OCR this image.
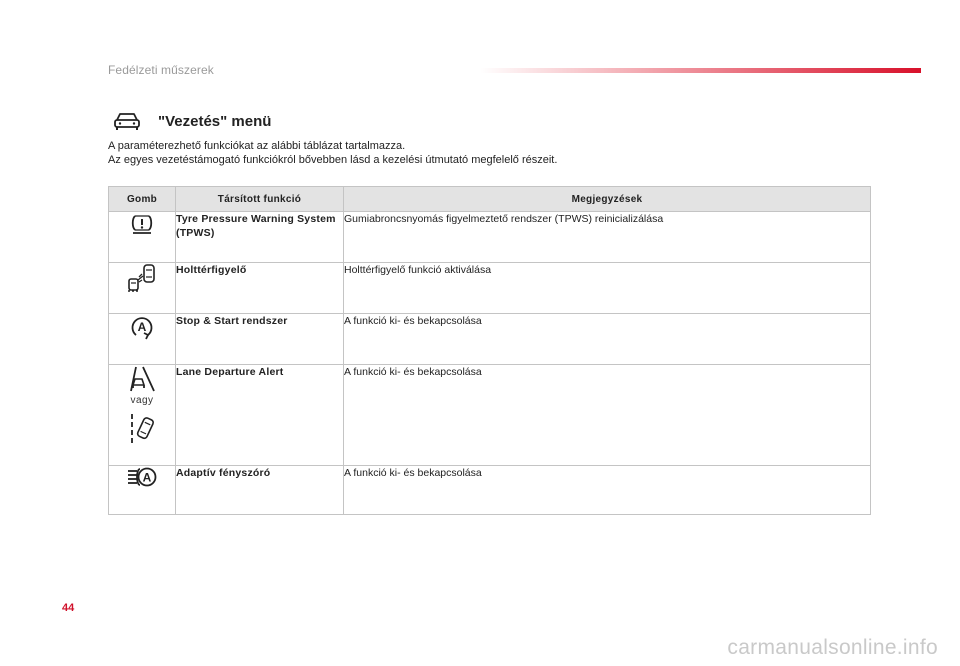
Fedélzeti műszerek
"Vezetés" menü
A paraméterezhető funkciókat az alábbi táblázat tartalmazza.
Az egyes vezetéstámogató funkciókról bővebben lásd a kezelési útmutató megfelelő részeit.
Gomb	Társított funkció	Megjegyzések
	Tyre Pressure Warning System (TPWS)	Gumiabroncsnyomás figyelmeztető rendszer (TPWS) reinicializálása
	Holttérfigyelő	Holttérfigyelő funkció aktiválása

A	Stop & Start rendszer	A funkció ki- és bekapcsolása

vagy	Lane Departure Alert	A funkció ki- és bekapcsolása

A	Adaptív fényszóró	A funkció ki- és bekapcsolása
44
carmanualsonline.info
